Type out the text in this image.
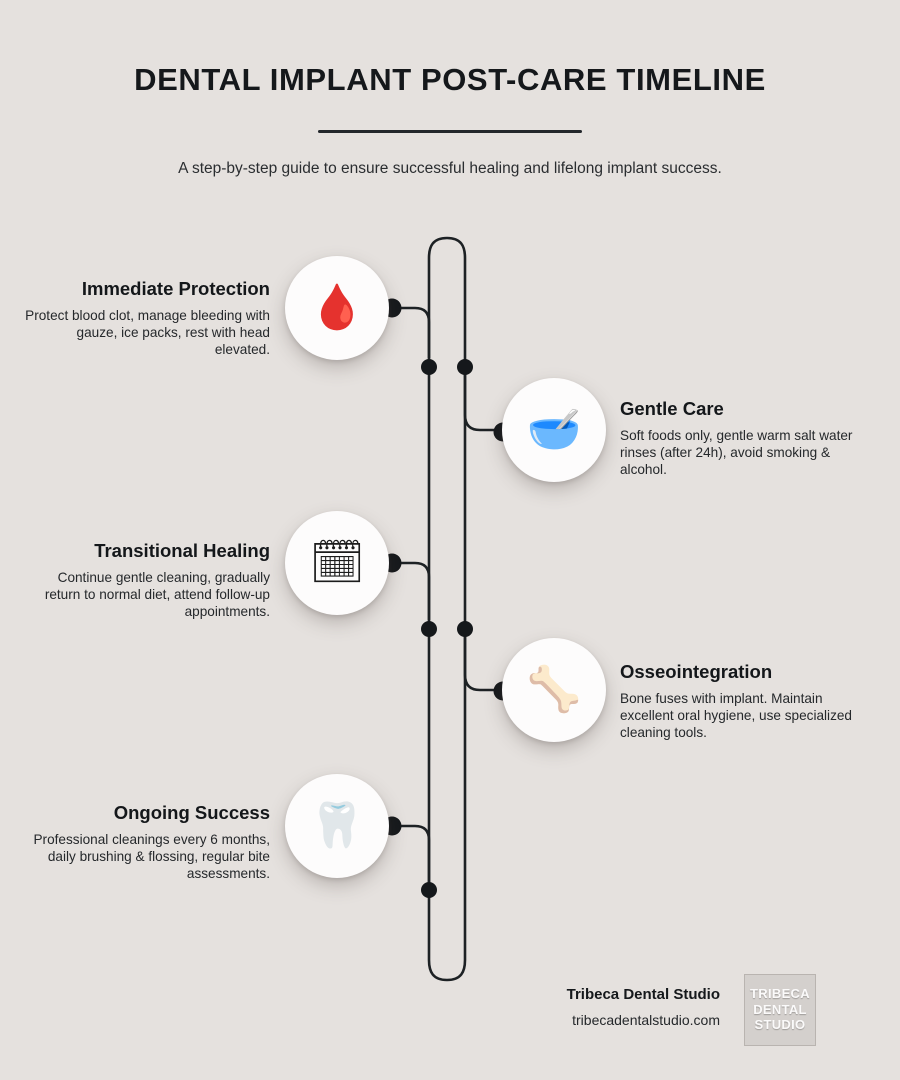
DENTAL IMPLANT POST-CARE TIMELINE

A step-by-step guide to ensure successful healing and lifelong implant success.

🩸
Immediate Protection
Protect blood clot, manage bleeding with gauze, ice packs, rest with head elevated.
🥣 Gentle Care
Soft foods only, gentle warm salt water rinses (after 24h), avoid smoking & alcohol.
🗓
Transitional Healing
Continue gentle cleaning, gradually return to normal diet, attend follow-up appointments.
🦴 Osseointegration
Bone fuses with implant. Maintain excellent oral hygiene, use specialized cleaning tools.
🦷
Ongoing Success
Professional cleanings every 6 months, daily brushing & flossing, regular bite assessments.
Tribeca Dental Studio
tribecadentalstudio.com
TRIBECA
DENTAL
STUDIO
